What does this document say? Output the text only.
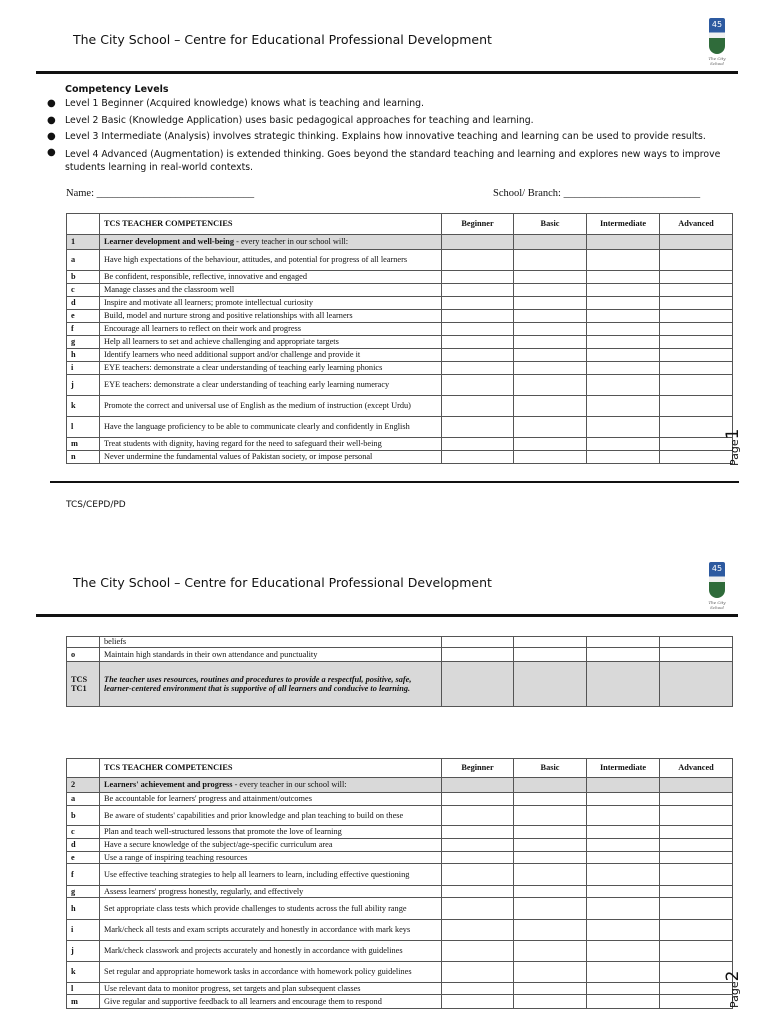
The City School – Centre for Educational Professional Development
45
The City School
Competency Levels
● Level 1 Beginner (Acquired knowledge) knows what is teaching and learning.
● Level 2 Basic (Knowledge Application) uses basic pedagogical approaches for teaching and learning.
● Level 3 Intermediate (Analysis) involves strategic thinking. Explains how innovative teaching and learning can be used to provide results.
● Level 4 Advanced (Augmentation) is extended thinking. Goes beyond the standard teaching and learning and explores new ways to improve students learning in real-world contexts.
Name: ______________________________	School/ Branch: __________________________
	TCS TEACHER COMPETENCIES	Beginner	Basic	Intermediate	Advanced
1	Learner development and well-being - every teacher in our school will:				
a	Have high expectations of the behaviour, attitudes, and potential for progress of all learners				
b	Be confident, responsible, reflective, innovative and engaged				
c	Manage classes and the classroom well				
d	Inspire and motivate all learners; promote intellectual curiosity				
e	Build, model and nurture strong and positive relationships with all learners				
f	Encourage all learners to reflect on their work and progress				
g	Help all learners to set and achieve challenging and appropriate targets				
h	Identify learners who need additional support and/or challenge and provide it				
i	EYE teachers: demonstrate a clear understanding of teaching early learning phonics				
j	EYE teachers: demonstrate a clear understanding of teaching early learning numeracy				
k	Promote the correct and universal use of English as the medium of instruction (except Urdu)				
l	Have the language proficiency to be able to communicate clearly and confidently in English				
m	Treat students with dignity, having regard for the need to safeguard their well-being				
n	Never undermine the fundamental values of Pakistan society, or impose personal					Page1
TCS/CEPD/PD
The City School – Centre for Educational Professional Development
45
The City School
	beliefs				
o	Maintain high standards in their own attendance and punctuality				
TCS TC1	The teacher uses resources, routines and procedures to provide a respectful, positive, safe, learner-centered environment that is supportive of all learners and conducive to learning.				
	TCS TEACHER COMPETENCIES	Beginner	Basic	Intermediate	Advanced
2	Learners' achievement and progress - every teacher in our school will:				
a	Be accountable for learners' progress and attainment/outcomes				
b	Be aware of students' capabilities and prior knowledge and plan teaching to build on these				
c	Plan and teach well-structured lessons that promote the love of learning				
d	Have a secure knowledge of the subject/age-specific curriculum area				
e	Use a range of inspiring teaching resources				
f	Use effective teaching strategies to help all learners to learn, including effective questioning				
g	Assess learners' progress honestly, regularly, and effectively				
h	Set appropriate class tests which provide challenges to students across the full ability range				
i	Mark/check all tests and exam scripts accurately and honestly in accordance with mark keys				
j	Mark/check classwork and projects accurately and honestly in accordance with guidelines				
k	Set regular and appropriate homework tasks in accordance with homework policy guidelines				
l	Use relevant data to monitor progress, set targets and plan subsequent classes				
m	Give regular and supportive feedback to all learners and encourage them to respond					Page2
